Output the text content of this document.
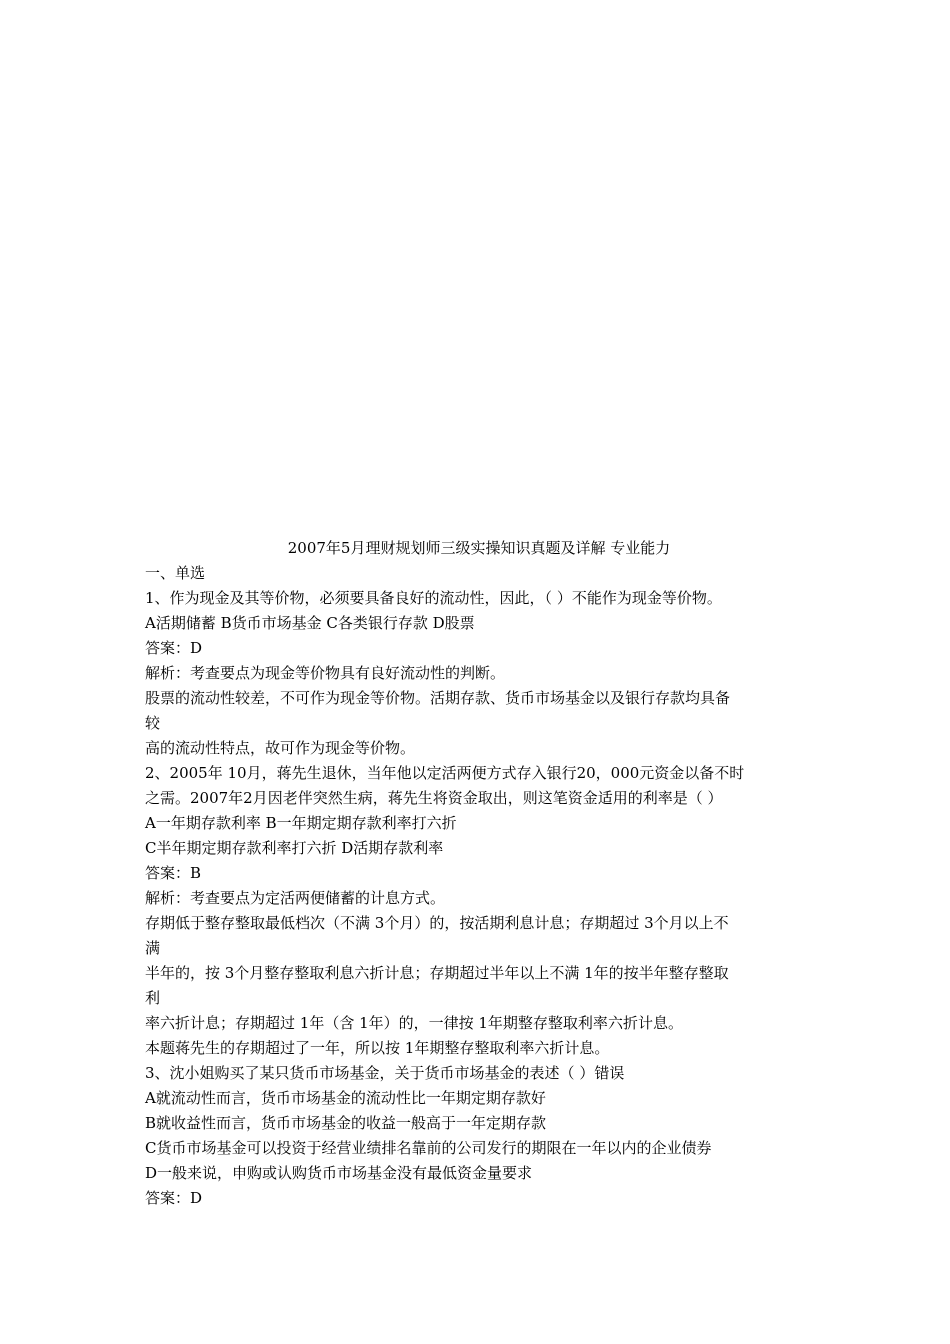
2007年5月理财规划师三级实操知识真题及详解 专业能力
一、单选
1、作为现金及其等价物，必须要具备良好的流动性，因此，（ ）不能作为现金等价物。
A活期储蓄 B货币市场基金 C各类银行存款 D股票
答案：D
解析：考查要点为现金等价物具有良好流动性的判断。
股票的流动性较差，不可作为现金等价物。活期存款、货币市场基金以及银行存款均具备
较
高的流动性特点，故可作为现金等价物。
2、2005年 10月，蒋先生退休，当年他以定活两便方式存入银行20，000元资金以备不时
之需。2007年2月因老伴突然生病，蒋先生将资金取出，则这笔资金适用的利率是（ ）
A一年期存款利率 B一年期定期存款利率打六折
C半年期定期存款利率打六折 D活期存款利率
答案：B
解析：考查要点为定活两便储蓄的计息方式。
存期低于整存整取最低档次（不满 3个月）的，按活期利息计息；存期超过 3个月以上不
满
半年的，按 3个月整存整取利息六折计息；存期超过半年以上不满 1年的按半年整存整取
利
率六折计息；存期超过 1年（含 1年）的，一律按 1年期整存整取利率六折计息。
本题蒋先生的存期超过了一年，所以按 1年期整存整取利率六折计息。
3、沈小姐购买了某只货币市场基金，关于货币市场基金的表述（ ）错误
A就流动性而言，货币市场基金的流动性比一年期定期存款好
B就收益性而言，货币市场基金的收益一般高于一年定期存款
C货币市场基金可以投资于经营业绩排名靠前的公司发行的期限在一年以内的企业债券
D一般来说，申购或认购货币市场基金没有最低资金量要求
答案：D
